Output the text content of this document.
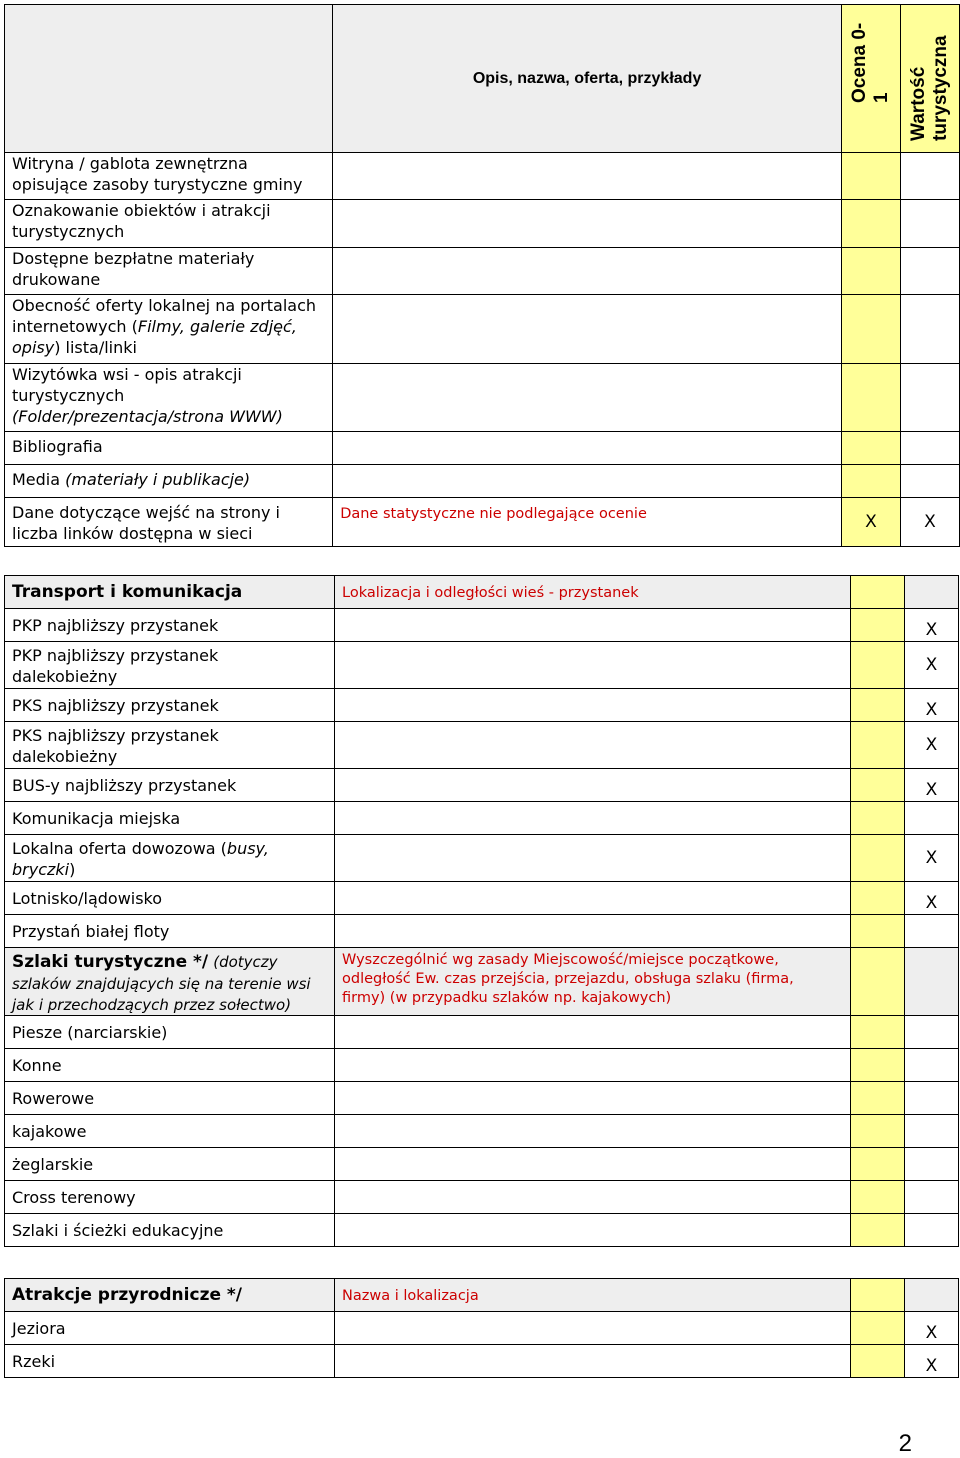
	Opis, nazwa, oferta, przykłady	Ocena 0-1	Wartość turystyczna
Witryna / gablota zewnętrzna opisujące zasoby turystyczne gminy			
Oznakowanie obiektów i atrakcji turystycznych			
Dostępne bezpłatne materiały drukowane			
Obecność oferty lokalnej na portalach internetowych (Filmy, galerie zdjęć, opisy) lista/linki			
Wizytówka wsi - opis atrakcji turystycznych (Folder/prezentacja/strona WWW)			
Bibliografia			
Media (materiały i publikacje)			
Dane dotyczące wejść na strony i liczba linków dostępna w sieci	Dane statystyczne nie podlegające ocenie	X	X
Transport i komunikacja	Lokalizacja i odległości wieś - przystanek		
PKP najbliższy przystanek			X
PKP najbliższy przystanek dalekobieżny			X
PKS najbliższy przystanek			X
PKS najbliższy przystanek dalekobieżny			X
BUS-y najbliższy przystanek			X
Komunikacja miejska			
Lokalna oferta dowozowa (busy, bryczki)			X
Lotnisko/lądowisko			X
Przystań białej floty			
Szlaki turystyczne */ (dotyczy szlaków znajdujących się na terenie wsi jak i przechodzących przez sołectwo)	Wyszczególnić wg zasady Miejscowość/miejsce początkowe, odległość Ew. czas przejścia, przejazdu, obsługa szlaku (firma, firmy) (w przypadku szlaków np. kajakowych)		

Piesze (narciarskie)			
Konne			
Rowerowe			
kajakowe			
żeglarskie			
Cross terenowy			
Szlaki i ścieżki edukacyjne			
Atrakcje przyrodnicze */	Nazwa i lokalizacja		
Jeziora			X
Rzeki			X
2
